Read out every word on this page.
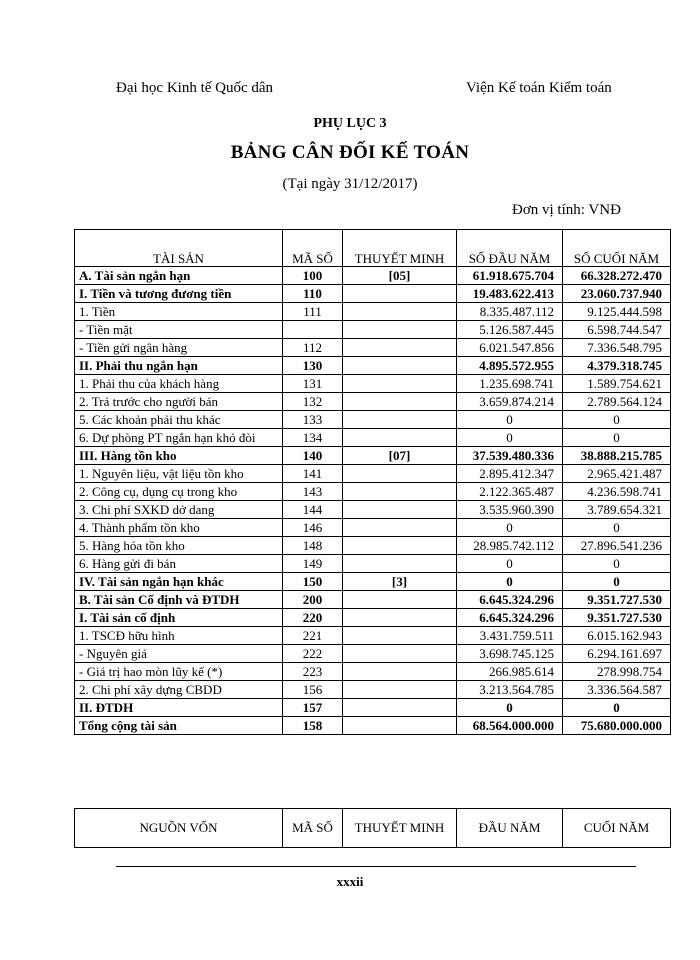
Đại học Kinh tế Quốc dân	Viện Kế toán Kiểm toán
PHỤ LỤC 3
BẢNG CÂN ĐỐI KẾ TOÁN
(Tại ngày 31/12/2017)
Đơn vị tính: VNĐ
TÀI SẢN	MÃ SỐ	THUYẾT MINH	SỐ ĐẦU NĂM	SỐ CUỐI NĂM
A. Tài sản ngắn hạn	100	[05]	61.918.675.704	66.328.272.470
I. Tiền và tương đương tiền	110		19.483.622.413	23.060.737.940
1. Tiền	111		8.335.487.112	9.125.444.598
- Tiền mặt			5.126.587.445	6.598.744.547
- Tiền gửi ngân hàng	112		6.021.547.856	7.336.548.795
II. Phải thu ngắn hạn	130		4.895.572.955	4.379.318.745
1. Phải thu của khách hàng	131		1.235.698.741	1.589.754.621
2. Trả trước cho người bán	132		3.659.874.214	2.789.564.124
5. Các khoản phải thu khác	133		0	0
6. Dự phòng PT ngắn hạn khó đòi	134		0	0
III. Hàng tồn kho	140	[07]	37.539.480.336	38.888.215.785
1. Nguyên liệu, vật liệu tồn kho	141		2.895.412.347	2.965.421.487
2. Công cụ, dụng cụ trong kho	143		2.122.365.487	4.236.598.741
3. Chi phí SXKD dở dang	144		3.535.960.390	3.789.654.321
4. Thành phẩm tồn kho	146		0	0
5. Hàng hóa tồn kho	148		28.985.742.112	27.896.541.236
6. Hàng gửi đi bán	149		0	0
IV. Tài sản ngắn hạn khác	150	[3]	0	0
B. Tài sản Cố định và ĐTDH	200		6.645.324.296	9.351.727.530
I. Tài sản cố định	220		6.645.324.296	9.351.727.530
1. TSCĐ hữu hình	221		3.431.759.511	6.015.162.943
- Nguyên giá	222		3.698.745.125	6.294.161.697
- Giá trị hao mòn lũy kế (*)	223		266.985.614	278.998.754
2. Chi phí xây dựng CBDD	156		3.213.564.785	3.336.564.587
II. ĐTDH	157		0	0
Tổng cộng tài sản	158		68.564.000.000	75.680.000.000
NGUỒN VỐN	MÃ SỐ	THUYẾT MINH	ĐẦU NĂM	CUỐI NĂM
xxxii
